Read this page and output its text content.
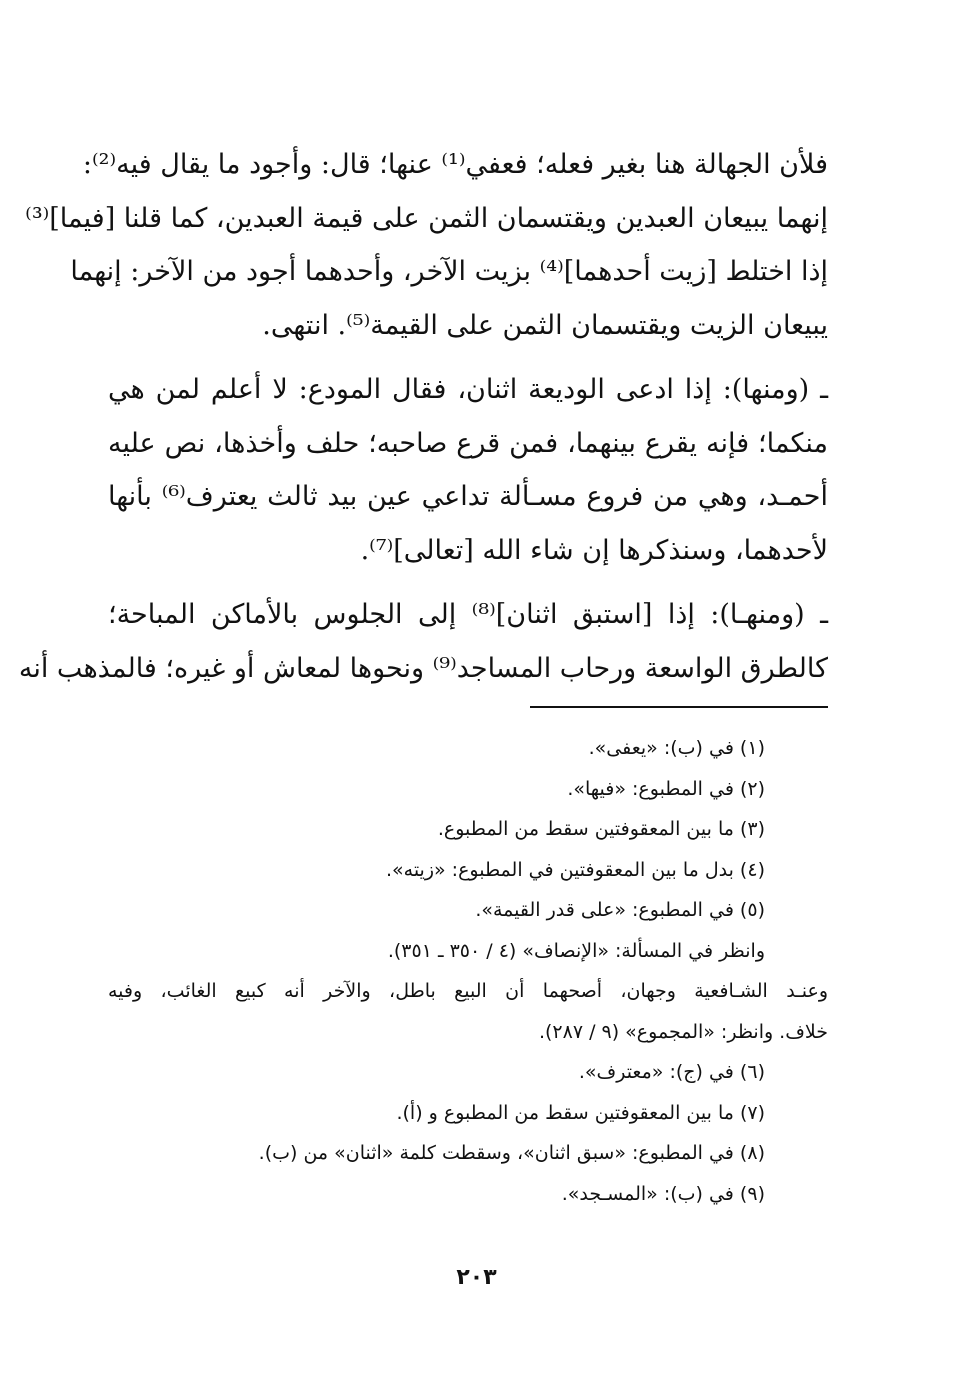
فلأن الجهالة هنا بغير فعله؛ فعفي⁽¹⁾ عنها؛ قال: وأجود ما يقال فيه⁽²⁾:
إنهما يبيعان العبدين ويقتسمان الثمن على قيمة العبدين، كما قلنا [فيما]⁽³⁾
إذا اختلط [زيت أحدهما]⁽⁴⁾ بزيت الآخر، وأحدهما أجود من الآخر: إنهما
يبيعان الزيت ويقتسمان الثمن على القيمة⁽⁵⁾. انتهى.

ـ (ومنها): إذا ادعى الوديعة اثنان، فقال المودع: لا أعلم لمن هي
منكما؛ فإنه يقرع بينهما، فمن قرع صاحبه؛ حلف وأخذها، نص عليه
أحمـد، وهي من فروع مسـألة تداعي عين بيد ثالث يعترف⁽⁶⁾ بأنها
لأحدهما، وسنذكرها إن شاء الله [تعالى]⁽⁷⁾.

ـ (ومنهـا): إذا [استبق اثنان]⁽⁸⁾ إلى الجلوس بالأماكن المباحة؛
كالطرق الواسعة ورحاب المساجد⁽⁹⁾ ونحوها لمعاش أو غيره؛ فالمذهب أنه

(١) في (ب): «يعفى».
(٢) في المطبوع: «فيها».
(٣) ما بين المعقوفتين سقط من المطبوع.
(٤) بدل ما بين المعقوفتين في المطبوع: «زيته».
(٥) في المطبوع: «على قدر القيمة».
وانظر في المسألة: «الإنصاف» (٤ / ٣٥٠ ـ ٣٥١).
وعنـد الشـافعية وجهان، أصحهما أن البيع باطل، والآخر أنه كبيع الغائب، وفيه
خلاف. وانظر: «المجموع» (٩ / ٢٨٧).
(٦) في (ج): «معترف».
(٧) ما بين المعقوفتين سقط من المطبوع و (أ).
(٨) في المطبوع: «سبق اثنان»، وسقطت كلمة «اثنان» من (ب).
(٩) في (ب): «المسـجد».
٢٠٣
